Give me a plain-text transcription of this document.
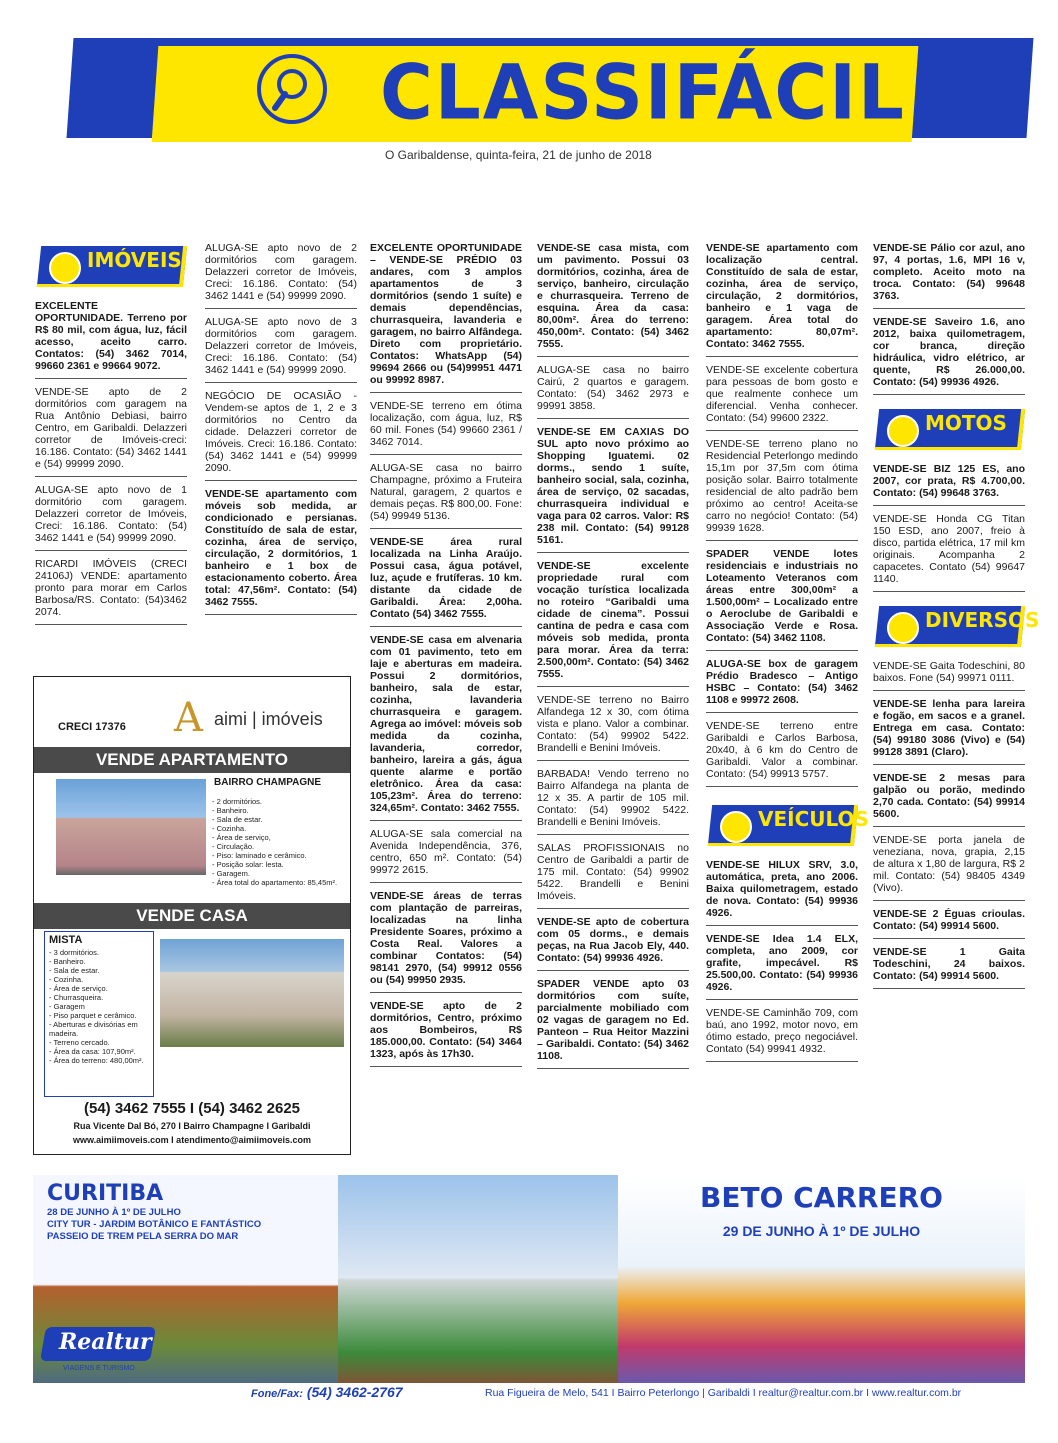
CLASSIFÁCIL
O Garibaldense, quinta-feira, 21 de junho de 2018
IMÓVEIS
EXCELENTE OPORTUNIDADE. Terreno por R$ 80 mil, com água, luz, fácil acesso, aceito carro. Contatos: (54) 3462 7014, 99660 2361 e 99664 9072.
VENDE-SE apto de 2 dormitórios com garagem na Rua Antônio Debiasi, bairro Centro, em Garibaldi. Delazzeri corretor de Imóveis-creci: 16.186. Contato: (54) 3462 1441 e (54) 99999 2090.
ALUGA-SE apto novo de 1 dormitório com garagem. Delazzeri corretor de Imóveis, Creci: 16.186. Contato: (54) 3462 1441 e (54) 99999 2090.
RICARDI IMÓVEIS (CRECI 24106J) VENDE: apartamento pronto para morar em Carlos Barbosa/RS. Contato: (54)3462 2074.
ALUGA-SE apto novo de 2 dormitórios com garagem. Delazzeri corretor de Imóveis, Creci: 16.186. Contato: (54) 3462 1441 e (54) 99999 2090.
ALUGA-SE apto novo de 3 dormitórios com garagem. Delazzeri corretor de Imóveis, Creci: 16.186. Contato: (54) 3462 1441 e (54) 99999 2090.
NEGÓCIO DE OCASIÃO - Vendem-se aptos de 1, 2 e 3 dormitórios no Centro da cidade. Delazzeri corretor de Imóveis. Creci: 16.186. Contato: (54) 3462 1441 e (54) 99999 2090.
VENDE-SE apartamento com móveis sob medida, ar condicionado e persianas. Constituído de sala de estar, cozinha, área de serviço, circulação, 2 dormitórios, 1 banheiro e 1 box de estacionamento coberto. Área total: 47,56m². Contato: (54) 3462 7555.
EXCELENTE OPORTUNIDADE – VENDE-SE PRÉDIO 03 andares, com 3 amplos apartamentos de 3 dormitórios (sendo 1 suíte) e demais dependências, churrasqueira, lavanderia e garagem, no bairro Alfândega. Direto com proprietário. Contatos: WhatsApp (54) 99694 2666 ou (54)99951 4471 ou 99992 8987.
VENDE-SE terreno em ótima localização, com água, luz, R$ 60 mil. Fones (54) 99660 2361 / 3462 7014.
ALUGA-SE casa no bairro Champagne, próximo a Fruteira Natural, garagem, 2 quartos e demais peças. R$ 800,00. Fone: (54) 99949 5136.
VENDE-SE área rural localizada na Linha Araújo. Possui casa, água potável, luz, açude e frutíferas. 10 km. distante da cidade de Garibaldi. Área: 2,00ha. Contato (54) 3462 7555.
VENDE-SE casa em alvenaria com 01 pavimento, teto em laje e aberturas em madeira. Possui 2 dormitórios, banheiro, sala de estar, cozinha, lavanderia churrasqueira e garagem. Agrega ao imóvel: móveis sob medida da cozinha, lavanderia, corredor, banheiro, lareira a gás, água quente alarme e portão eletrônico. Área da casa: 105,23m². Área do terreno: 324,65m². Contato: 3462 7555.
ALUGA-SE sala comercial na Avenida Independência, 376, centro, 650 m². Contato: (54) 99972 2615.
VENDE-SE áreas de terras com plantação de parreiras, localizadas na linha Presidente Soares, próximo a Costa Real. Valores a combinar Contatos: (54) 98141 2970, (54) 99912 0556 ou (54) 99950 2935.
VENDE-SE apto de 2 dormitórios, Centro, próximo aos Bombeiros, R$ 185.000,00. Contato: (54) 3464 1323, após às 17h30.
VENDE-SE casa mista, com um pavimento. Possui 03 dormitórios, cozinha, área de serviço, banheiro, circulação e churrasqueira. Terreno de esquina. Área da casa: 80,00m². Área do terreno: 450,00m². Contato: (54) 3462 7555.
ALUGA-SE casa no bairro Cairú, 2 quartos e garagem. Contato: (54) 3462 2973 e 99991 3858.
VENDE-SE EM CAXIAS DO SUL apto novo próximo ao Shopping Iguatemi. 02 dorms., sendo 1 suíte, banheiro social, sala, cozinha, área de serviço, 02 sacadas, churrasqueira individual e vaga para 02 carros. Valor: R$ 238 mil. Contato: (54) 99128 5161.
VENDE-SE excelente propriedade rural com vocação turística localizada no roteiro “Garibaldi uma cidade de cinema”. Possui cantina de pedra e casa com móveis sob medida, pronta para morar. Área da terra: 2.500,00m². Contato: (54) 3462 7555.
VENDE-SE terreno no Bairro Alfandega 12 x 30, com ótima vista e plano. Valor a combinar. Contato: (54) 99902 5422. Brandelli e Benini Imóveis.
BARBADA! Vendo terreno no Bairro Alfandega na planta de 12 x 35. A partir de 105 mil. Contato: (54) 99902 5422. Brandelli e Benini Imóveis.
SALAS PROFISSIONAIS no Centro de Garibaldi a partir de 175 mil. Contato: (54) 99902 5422. Brandelli e Benini Imóveis.
VENDE-SE apto de cobertura com 05 dorms., e demais peças, na Rua Jacob Ely, 440. Contato: (54) 99936 4926.
SPADER VENDE apto 03 dormitórios com suíte, parcialmente mobiliado com 02 vagas de garagem no Ed. Panteon – Rua Heitor Mazzini – Garibaldi. Contato: (54) 3462 1108.
VENDE-SE apartamento com localização central. Constituído de sala de estar, cozinha, área de serviço, circulação, 2 dormitórios, banheiro e 1 vaga de garagem. Área total do apartamento: 80,07m². Contato: 3462 7555.
VENDE-SE excelente cobertura para pessoas de bom gosto e que realmente conhece um diferencial. Venha conhecer. Contato: (54) 99600 2322.
VENDE-SE terreno plano no Residencial Peterlongo medindo 15,1m por 37,5m com ótima posição solar. Bairro totalmente residencial de alto padrão bem próximo ao centro! Aceita-se carro no negócio! Contato: (54) 99939 1628.
SPADER VENDE lotes residenciais e industriais no Loteamento Veteranos com áreas entre 300,00m² a 1.500,00m² – Localizado entre o Aeroclube de Garibaldi e Associação Verde e Rosa. Contato: (54) 3462 1108.
ALUGA-SE box de garagem Prédio Bradesco – Antigo HSBC – Contato: (54) 3462 1108 e 99972 2608.
VENDE-SE terreno entre Garibaldi e Carlos Barbosa, 20x40, à 6 km do Centro de Garibaldi. Valor a combinar. Contato: (54) 99913 5757.
VEÍCULOS
VENDE-SE HILUX SRV, 3.0, automática, preta, ano 2006. Baixa quilometragem, estado de nova. Contato: (54) 99936 4926.
VENDE-SE Idea 1.4 ELX, completa, ano 2009, cor grafite, impecável. R$ 25.500,00. Contato: (54) 99936 4926.
VENDE-SE Caminhão 709, com baú, ano 1992, motor novo, em ótimo estado, preço negociável. Contato (54) 99941 4932.
VENDE-SE Pálio cor azul, ano 97, 4 portas, 1.6, MPI 16 v, completo. Aceito moto na troca. Contato: (54) 99648 3763.
VENDE-SE Saveiro 1.6, ano 2012, baixa quilometragem, cor branca, direção hidráulica, vidro elétrico, ar quente, R$ 26.000,00. Contato: (54) 99936 4926.
MOTOS
VENDE-SE BIZ 125 ES, ano 2007, cor prata, R$ 4.700,00. Contato: (54) 99648 3763.
VENDE-SE Honda CG Titan 150 ESD, ano 2007, freio à disco, partida elétrica, 17 mil km originais. Acompanha 2 capacetes. Contato (54) 99647 1140.
DIVERSOS
VENDE-SE Gaita Todeschini, 80 baixos. Fone (54) 99971 0111.
VENDE-SE lenha para lareira e fogão, em sacos e a granel. Entrega em casa. Contato: (54) 99180 3086 (Vivo) e (54) 99128 3891 (Claro).
VENDE-SE 2 mesas para galpão ou porão, medindo 2,70 cada. Contato: (54) 99914 5600.
VENDE-SE porta janela de veneziana, nova, grapia, 2,15 de altura x 1,80 de largura, R$ 2 mil. Contato: (54) 98405 4349 (Vivo).
VENDE-SE 2 Éguas crioulas. Contato: (54) 99914 5600.
VENDE-SE 1 Gaita Todeschini, 24 baixos. Contato: (54) 99914 5600.
CRECI 17376 A aimi | imóveis
VENDE APARTAMENTO
BAIRRO CHAMPAGNE
- 2 dormitórios.
- Banheiro.
- Sala de estar.
- Cozinha.
- Área de serviço,
- Circulação.
- Piso: laminado e cerâmico.
- Posição solar: lesta.
- Garagem.
- Área total do apartamento: 85,45m².
VENDE CASA
MISTA
- 3 dormitórios.
- Banheiro.
- Sala de estar.
- Cozinha.
- Área de serviço.
- Churrasqueira.
- Garagem
- Piso parquet e cerâmico.
- Aberturas e divisórias em madeira.
- Terreno cercado.
- Área da casa: 107,90m².
- Área do terreno: 480,00m².
(54) 3462 7555 I (54) 3462 2625
Rua Vicente Dal Bó, 270 I Bairro Champagne I Garibaldi
www.aimiimoveis.com I atendimento@aimiimoveis.com
CURITIBA
28 DE JUNHO À 1º DE JULHO
CITY TUR - JARDIM BOTÂNICO E FANTÁSTICO
PASSEIO DE TREM PELA SERRA DO MAR
BETO CARRERO
29 DE JUNHO À 1º DE JULHO
Realtur
VIAGENS E TURISMO
Fone/Fax: (54) 3462-2767	Rua Figueira de Melo, 541 I Bairro Peterlongo | Garibaldi I realtur@realtur.com.br I www.realtur.com.br
